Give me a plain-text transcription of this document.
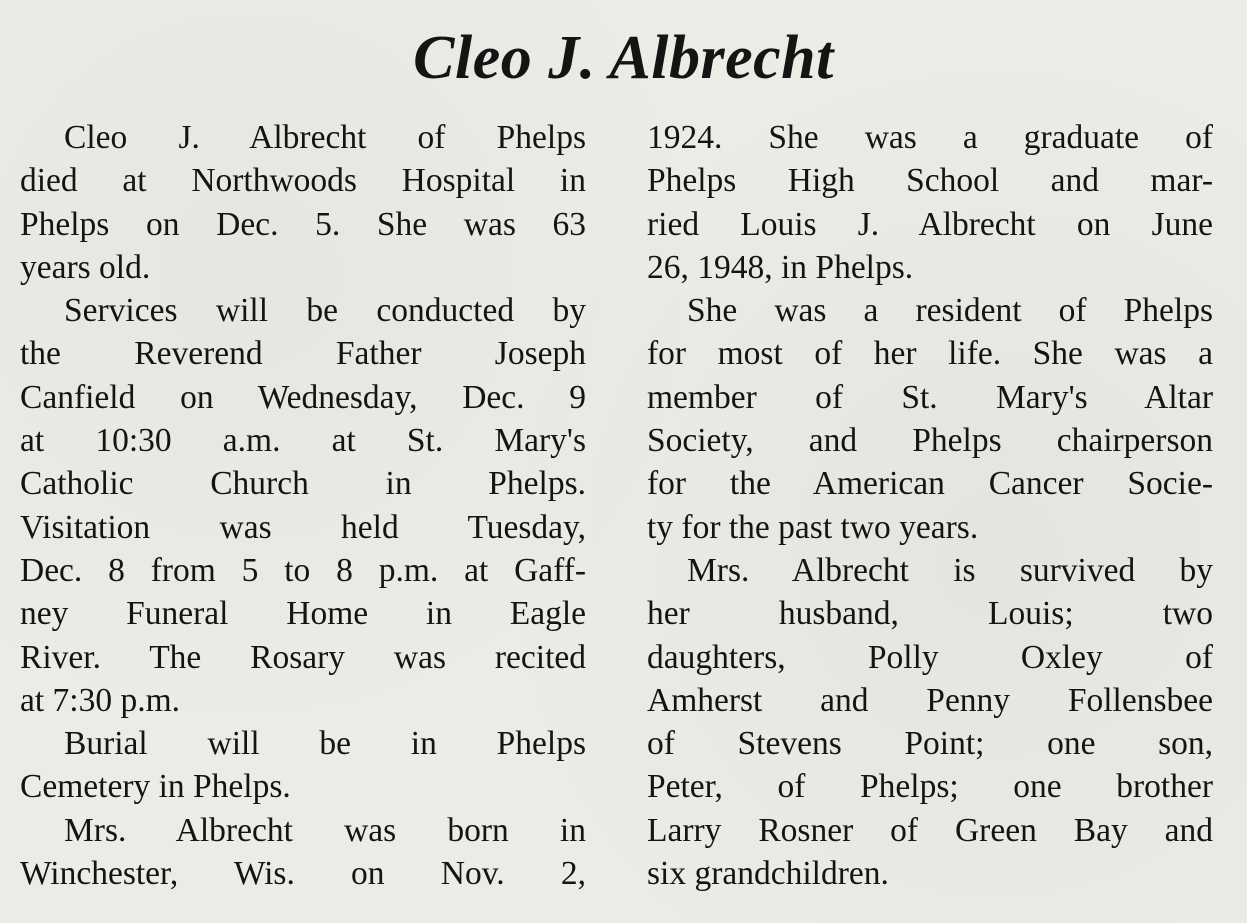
Cleo J. Albrecht
Cleo J. Albrecht of Phelps
died at Northwoods Hospital in
Phelps on Dec. 5. She was 63
years old.
Services will be conducted by
the Reverend Father Joseph
Canfield on Wednesday, Dec. 9
at 10:30 a.m. at St. Mary's
Catholic Church in Phelps.
Visitation was held Tuesday,
Dec. 8 from 5 to 8 p.m. at Gaff-
ney Funeral Home in Eagle
River. The Rosary was recited
at 7:30 p.m.
Burial will be in Phelps
Cemetery in Phelps.
Mrs. Albrecht was born in
Winchester, Wis. on Nov. 2,
1924. She was a graduate of
Phelps High School and mar-
ried Louis J. Albrecht on June
26, 1948, in Phelps.
She was a resident of Phelps
for most of her life. She was a
member of St. Mary's Altar
Society, and Phelps chairperson
for the American Cancer Socie-
ty for the past two years.
Mrs. Albrecht is survived by
her husband, Louis; two
daughters, Polly Oxley of
Amherst and Penny Follensbee
of Stevens Point; one son,
Peter, of Phelps; one brother
Larry Rosner of Green Bay and
six grandchildren.
